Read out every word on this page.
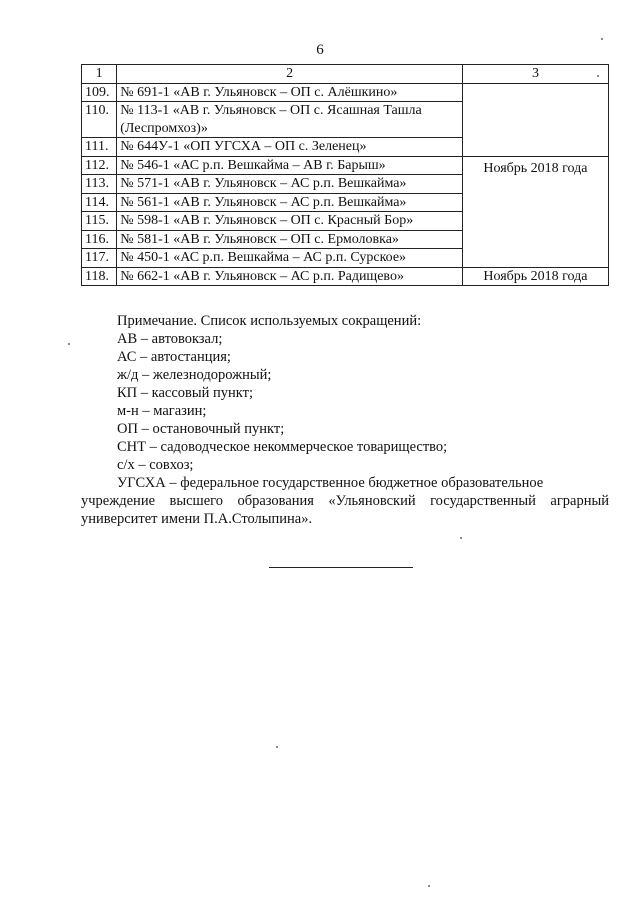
6
1	2	3
109.	№ 691-1 «АВ г. Ульяновск – ОП с. Алёшкино»	
110.	№ 113-1 «АВ г. Ульяновск – ОП с. Ясашная Ташла (Леспромхоз)»	
111.	№ 644У-1 «ОП УГСХА – ОП с. Зеленец»	
112.	№ 546-1 «АС р.п. Вешкайма – АВ г. Барыш»	Ноябрь 2018 года
113.	№ 571-1 «АВ г. Ульяновск – АС р.п. Вешкайма»	
114.	№ 561-1 «АВ г. Ульяновск – АС р.п. Вешкайма»	
115.	№ 598-1 «АВ г. Ульяновск – ОП с. Красный Бор»	
116.	№ 581-1 «АВ г. Ульяновск – ОП с. Ермоловка»	
117.	№ 450-1 «АС р.п. Вешкайма – АС р.п. Сурское»	
118.	№ 662-1 «АВ г. Ульяновск – АС р.п. Радищево»	Ноябрь 2018 года
Примечание. Список используемых сокращений:
АВ – автовокзал;
АС – автостанция;
ж/д – железнодорожный;
КП – кассовый пункт;
м-н – магазин;
ОП – остановочный пункт;
СНТ – садоводческое некоммерческое товарищество;
с/х – совхоз;
УГСХА – федеральное государственное бюджетное образовательное
учреждение высшего образования «Ульяновский государственный аграрный университет имени П.А.Столыпина».
